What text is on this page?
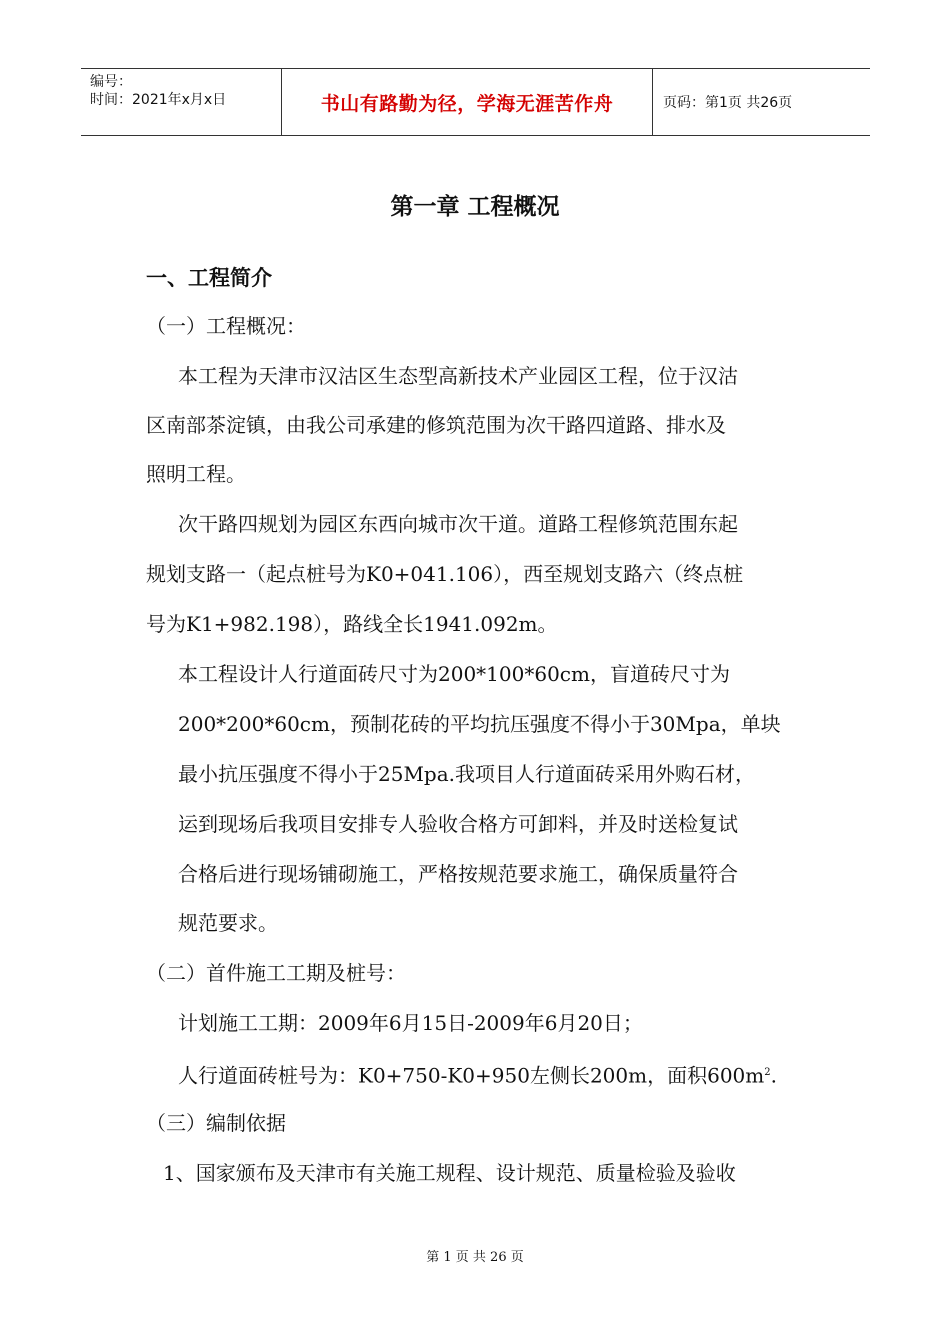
编号：
时间：2021年x月x日	书山有路勤为径，学海无涯苦作舟	页码：第1页 共26页
第一章 工程概况
一、工程简介
（一）工程概况：
本工程为天津市汉沽区生态型高新技术产业园区工程，位于汉沽
区南部茶淀镇，由我公司承建的修筑范围为次干路四道路、排水及
照明工程。
次干路四规划为园区东西向城市次干道。道路工程修筑范围东起
规划支路一（起点桩号为K0+041.106），西至规划支路六（终点桩
号为K1+982.198），路线全长1941.092m。
本工程设计人行道面砖尺寸为200*100*60cm，盲道砖尺寸为
200*200*60cm，预制花砖的平均抗压强度不得小于30Mpa，单块
最小抗压强度不得小于25Mpa.我项目人行道面砖采用外购石材，
运到现场后我项目安排专人验收合格方可卸料，并及时送检复试
合格后进行现场铺砌施工，严格按规范要求施工，确保质量符合
规范要求。
（二）首件施工工期及桩号：
计划施工工期：2009年6月15日-2009年6月20日；
人行道面砖桩号为：K0+750-K0+950左侧长200m，面积$600m^2$.
（三）编制依据
1、国家颁布及天津市有关施工规程、设计规范、质量检验及验收
第 1 页 共 26 页
